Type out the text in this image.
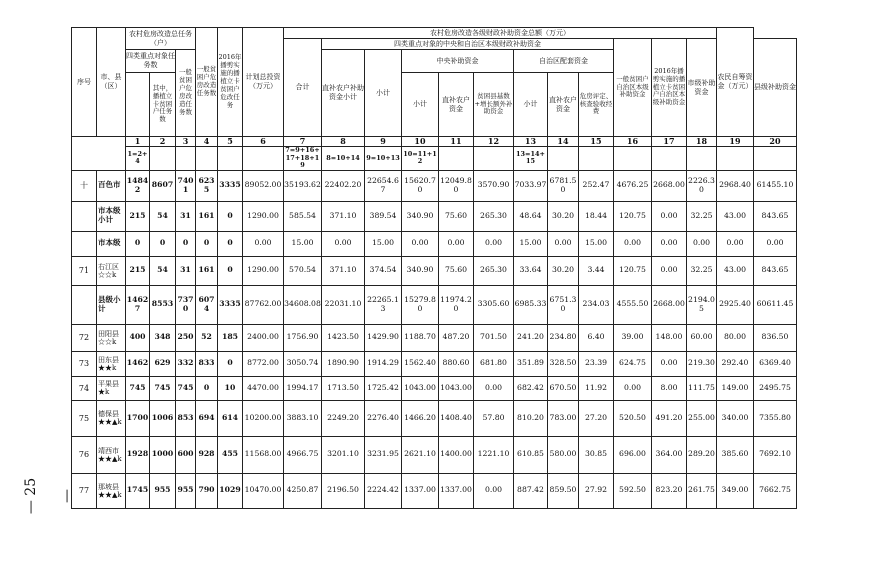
序号	市、县（区）	农村危房改造总任务（户）			一般贫困户危房改造任务数	2016年播剪实施的播植立卡贫困户危改任务	计划总投资（万元）	农村危房改造各级财政补助资金总额（万元）												农民自筹资金（万元）	
								合计	四类重点对象的中央和自治区本级财政补助资金								一般贫困户自治区本级补助资金	2016年播剪实施的播植立卡贫困户自治区本级补助资金	市级补助资金		县级补助资金
		四类重点对象任务数		一般贫困户危房改造任务数					直补农户补助资金小计	小计	中央补助资金			自治区配套资金							
			其中，播植立卡贫困户任务数								小计	直补农户资金	贫困县基数+增长额外补助资金	小计	直补农户资金	危房评定、核查验收经费					
		1	2	3	4	5	6	7	8	9	10	11	12	13	14	15	16	17	18	19	20
		1=2+4						7=9+16+17+18+19	8=10+14	9=10+13	10=11+12			13=14+15							
十	百色市	14842	8607	7401	6235	3335	89052.00	35193.62	22402.20	22654.67	15620.70	12049.80	3570.90	7033.97	6781.50	252.47	4676.25	2668.00	2226.30	2968.40	61455.10
	市本级小计	215	54	31	161	0	1290.00	585.54	371.10	389.54	340.90	75.60	265.30	48.64	30.20	18.44	120.75	0.00	32.25	43.00	843.65
	市本级	0	0	0	0	0	0.00	15.00	0.00	15.00	0.00	0.00	0.00	15.00	0.00	15.00	0.00	0.00	0.00	0.00	0.00
71	右江区☆☆k	215	54	31	161	0	1290.00	570.54	371.10	374.54	340.90	75.60	265.30	33.64	30.20	3.44	120.75	0.00	32.25	43.00	843.65
	县级小计	14627	8553	7370	6074	3335	87762.00	34608.08	22031.10	22265.13	15279.80	11974.20	3305.60	6985.33	6751.30	234.03	4555.50	2668.00	2194.05	2925.40	60611.45
72	田阳县☆☆k	400	348	250	52	185	2400.00	1756.90	1423.50	1429.90	1188.70	487.20	701.50	241.20	234.80	6.40	39.00	148.00	60.00	80.00	836.50
73	田东县★★k	1462	629	332	833	0	8772.00	3050.74	1890.90	1914.29	1562.40	880.60	681.80	351.89	328.50	23.39	624.75	0.00	219.30	292.40	6369.40
74	平果县★k	745	745	745	0	10	4470.00	1994.17	1713.50	1725.42	1043.00	1043.00	0.00	682.42	670.50	11.92	0.00	8.00	111.75	149.00	2495.75
75	德保县★★▲k	1700	1006	853	694	614	10200.00	3883.10	2249.20	2276.40	1466.20	1408.40	57.80	810.20	783.00	27.20	520.50	491.20	255.00	340.00	7355.80
76	靖西市★★▲k	1928	1000	600	928	455	11568.00	4966.75	3201.10	3231.95	2621.10	1400.00	1221.10	610.85	580.00	30.85	696.00	364.00	289.20	385.60	7692.10
77	那坡县★★▲k	1745	955	955	790	1029	10470.00	4250.87	2196.50	2224.42	1337.00	1337.00	0.00	887.42	859.50	27.92	592.50	823.20	261.75	349.00	7662.75
— 25 —
